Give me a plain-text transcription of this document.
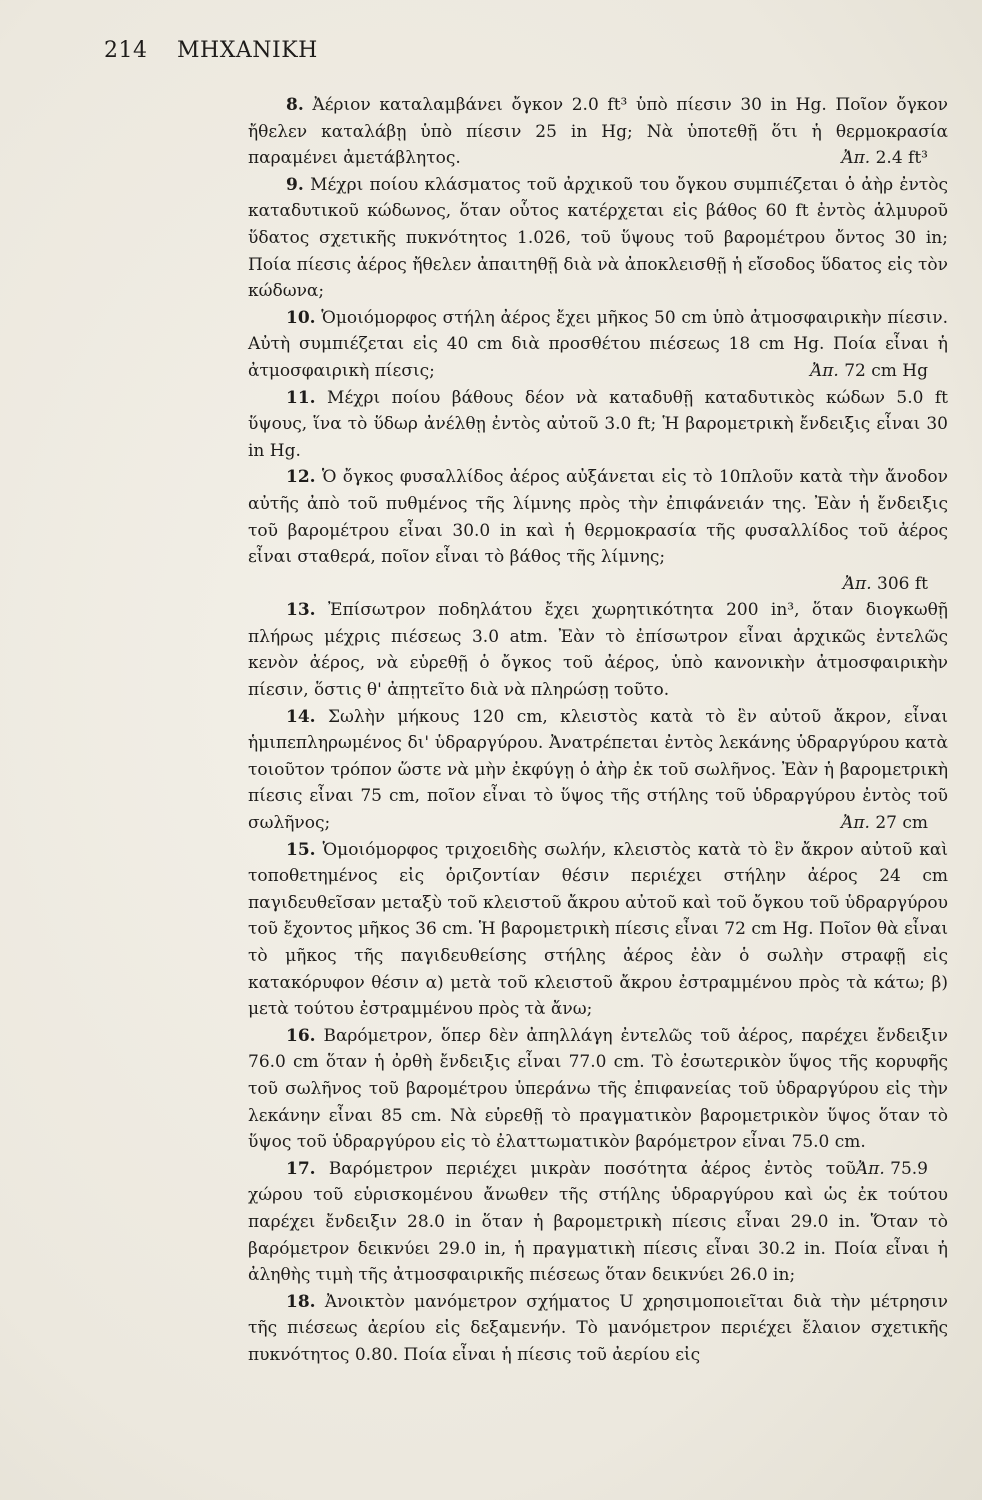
214 ΜΗΧΑΝΙΚΗ

8. Ἀέριον καταλαμβάνει ὄγκον 2.0 ft³ ὑπὸ πίεσιν 30 in Hg. Ποῖον ὄγκον ἤθελεν καταλάβῃ ὑπὸ πίεσιν 25 in Hg; Νὰ ὑποτεθῇ ὅτι ἡ θερμοκρασία παραμένει ἀμετάβλητος.	Ἀπ. 2.4 ft³

9. Μέχρι ποίου κλάσματος τοῦ ἀρχικοῦ του ὄγκου συμπιέζεται ὁ ἀὴρ ἐντὸς καταδυτικοῦ κώδωνος, ὅταν οὗτος κατέρχεται εἰς βάθος 60 ft ἐντὸς ἁλμυροῦ ὕδατος σχετικῆς πυκνότητος 1.026, τοῦ ὕψους τοῦ βαρομέτρου ὄντος 30 in; Ποία πίεσις ἀέρος ἤθελεν ἀπαιτηθῇ διὰ νὰ ἀποκλεισθῇ ἡ εἴσοδος ὕδατος εἰς τὸν κώδωνα;

10. Ὁμοιόμορφος στήλη ἀέρος ἔχει μῆκος 50 cm ὑπὸ ἀτμοσφαιρικὴν πίεσιν. Αὐτὴ συμπιέζεται εἰς 40 cm διὰ προσθέτου πιέσεως 18 cm Hg. Ποία εἶναι ἡ ἀτμοσφαιρικὴ πίεσις;	Ἀπ. 72 cm Hg

11. Μέχρι ποίου βάθους δέον νὰ καταδυθῇ καταδυτικὸς κώδων 5.0 ft ὕψους, ἵνα τὸ ὕδωρ ἀνέλθῃ ἐντὸς αὐτοῦ 3.0 ft; Ἡ βαρομετρικὴ ἔνδειξις εἶναι 30 in Hg.

12. Ὁ ὄγκος φυσαλλίδος ἀέρος αὐξάνεται εἰς τὸ 10πλοῦν κατὰ τὴν ἄνοδον αὐτῆς ἀπὸ τοῦ πυθμένος τῆς λίμνης πρὸς τὴν ἐπιφάνειάν της. Ἐὰν ἡ ἔνδειξις τοῦ βαρομέτρου εἶναι 30.0 in καὶ ἡ θερμοκρασία τῆς φυσαλλίδος τοῦ ἀέρος εἶναι σταθερά, ποῖον εἶναι τὸ βάθος τῆς λίμνης;
Ἀπ. 306 ft

13. Ἐπίσωτρον ποδηλάτου ἔχει χωρητικότητα 200 in³, ὅταν διογκωθῇ πλήρως μέχρις πιέσεως 3.0 atm. Ἐὰν τὸ ἐπίσωτρον εἶναι ἀρχικῶς ἐντελῶς κενὸν ἀέρος, νὰ εὑρεθῇ ὁ ὄγκος τοῦ ἀέρος, ὑπὸ κανονικὴν ἀτμοσφαιρικὴν πίεσιν, ὅστις θ' ἀπῃτεῖτο διὰ νὰ πληρώσῃ τοῦτο.

14. Σωλὴν μήκους 120 cm, κλειστὸς κατὰ τὸ ἓν αὐτοῦ ἄκρον, εἶναι ἡμιπεπληρωμένος δι' ὑδραργύρου. Ἀνατρέπεται ἐντὸς λεκάνης ὑδραργύρου κατὰ τοιοῦτον τρόπον ὥστε νὰ μὴν ἐκφύγῃ ὁ ἀὴρ ἐκ τοῦ σωλῆνος. Ἐὰν ἡ βαρομετρικὴ πίεσις εἶναι 75 cm, ποῖον εἶναι τὸ ὕψος τῆς στήλης τοῦ ὑδραργύρου ἐντὸς τοῦ σωλῆνος;	Ἀπ. 27 cm

15. Ὁμοιόμορφος τριχοειδὴς σωλήν, κλειστὸς κατὰ τὸ ἓν ἄκρον αὐτοῦ καὶ τοποθετημένος εἰς ὁριζοντίαν θέσιν περιέχει στήλην ἀέρος 24 cm παγιδευθεῖσαν μεταξὺ τοῦ κλειστοῦ ἄκρου αὐτοῦ καὶ τοῦ ὄγκου τοῦ ὑδραργύρου τοῦ ἔχοντος μῆκος 36 cm. Ἡ βαρομετρικὴ πίεσις εἶναι 72 cm Hg. Ποῖον θὰ εἶναι τὸ μῆκος τῆς παγιδευθείσης στήλης ἀέρος ἐὰν ὁ σωλὴν στραφῇ εἰς κατακόρυφον θέσιν α) μετὰ τοῦ κλειστοῦ ἄκρου ἐστραμμένου πρὸς τὰ κάτω; β) μετὰ τούτου ἐστραμμένου πρὸς τὰ ἄνω;

16. Βαρόμετρον, ὅπερ δὲν ἀπηλλάγη ἐντελῶς τοῦ ἀέρος, παρέχει ἔνδειξιν 76.0 cm ὅταν ἡ ὀρθὴ ἔνδειξις εἶναι 77.0 cm. Τὸ ἐσωτερικὸν ὕψος τῆς κορυφῆς τοῦ σωλῆνος τοῦ βαρομέτρου ὑπεράνω τῆς ἐπιφανείας τοῦ ὑδραργύρου εἰς τὴν λεκάνην εἶναι 85 cm. Νὰ εὑρεθῇ τὸ πραγματικὸν βαρομετρικὸν ὕψος ὅταν τὸ ὕψος τοῦ ὑδραργύρου εἰς τὸ ἐλαττωματικὸν βαρόμετρον εἶναι 75.0 cm.
Ἀπ. 75.9

17. Βαρόμετρον περιέχει μικρὰν ποσότητα ἀέρος ἐντὸς τοῦ χώρου τοῦ εὑρισκομένου ἄνωθεν τῆς στήλης ὑδραργύρου καὶ ὡς ἐκ τούτου παρέχει ἔνδειξιν 28.0 in ὅταν ἡ βαρομετρικὴ πίεσις εἶναι 29.0 in. Ὅταν τὸ βαρόμετρον δεικνύει 29.0 in, ἡ πραγματικὴ πίεσις εἶναι 30.2 in. Ποία εἶναι ἡ ἀληθὴς τιμὴ τῆς ἀτμοσφαιρικῆς πιέσεως ὅταν δεικνύει 26.0 in;

18. Ἀνοικτὸν μανόμετρον σχήματος U χρησιμοποιεῖται διὰ τὴν μέτρησιν τῆς πιέσεως ἀερίου εἰς δεξαμενήν. Τὸ μανόμετρον περιέχει ἔλαιον σχετικῆς πυκνότητος 0.80. Ποία εἶναι ἡ πίεσις τοῦ ἀερίου εἰς
